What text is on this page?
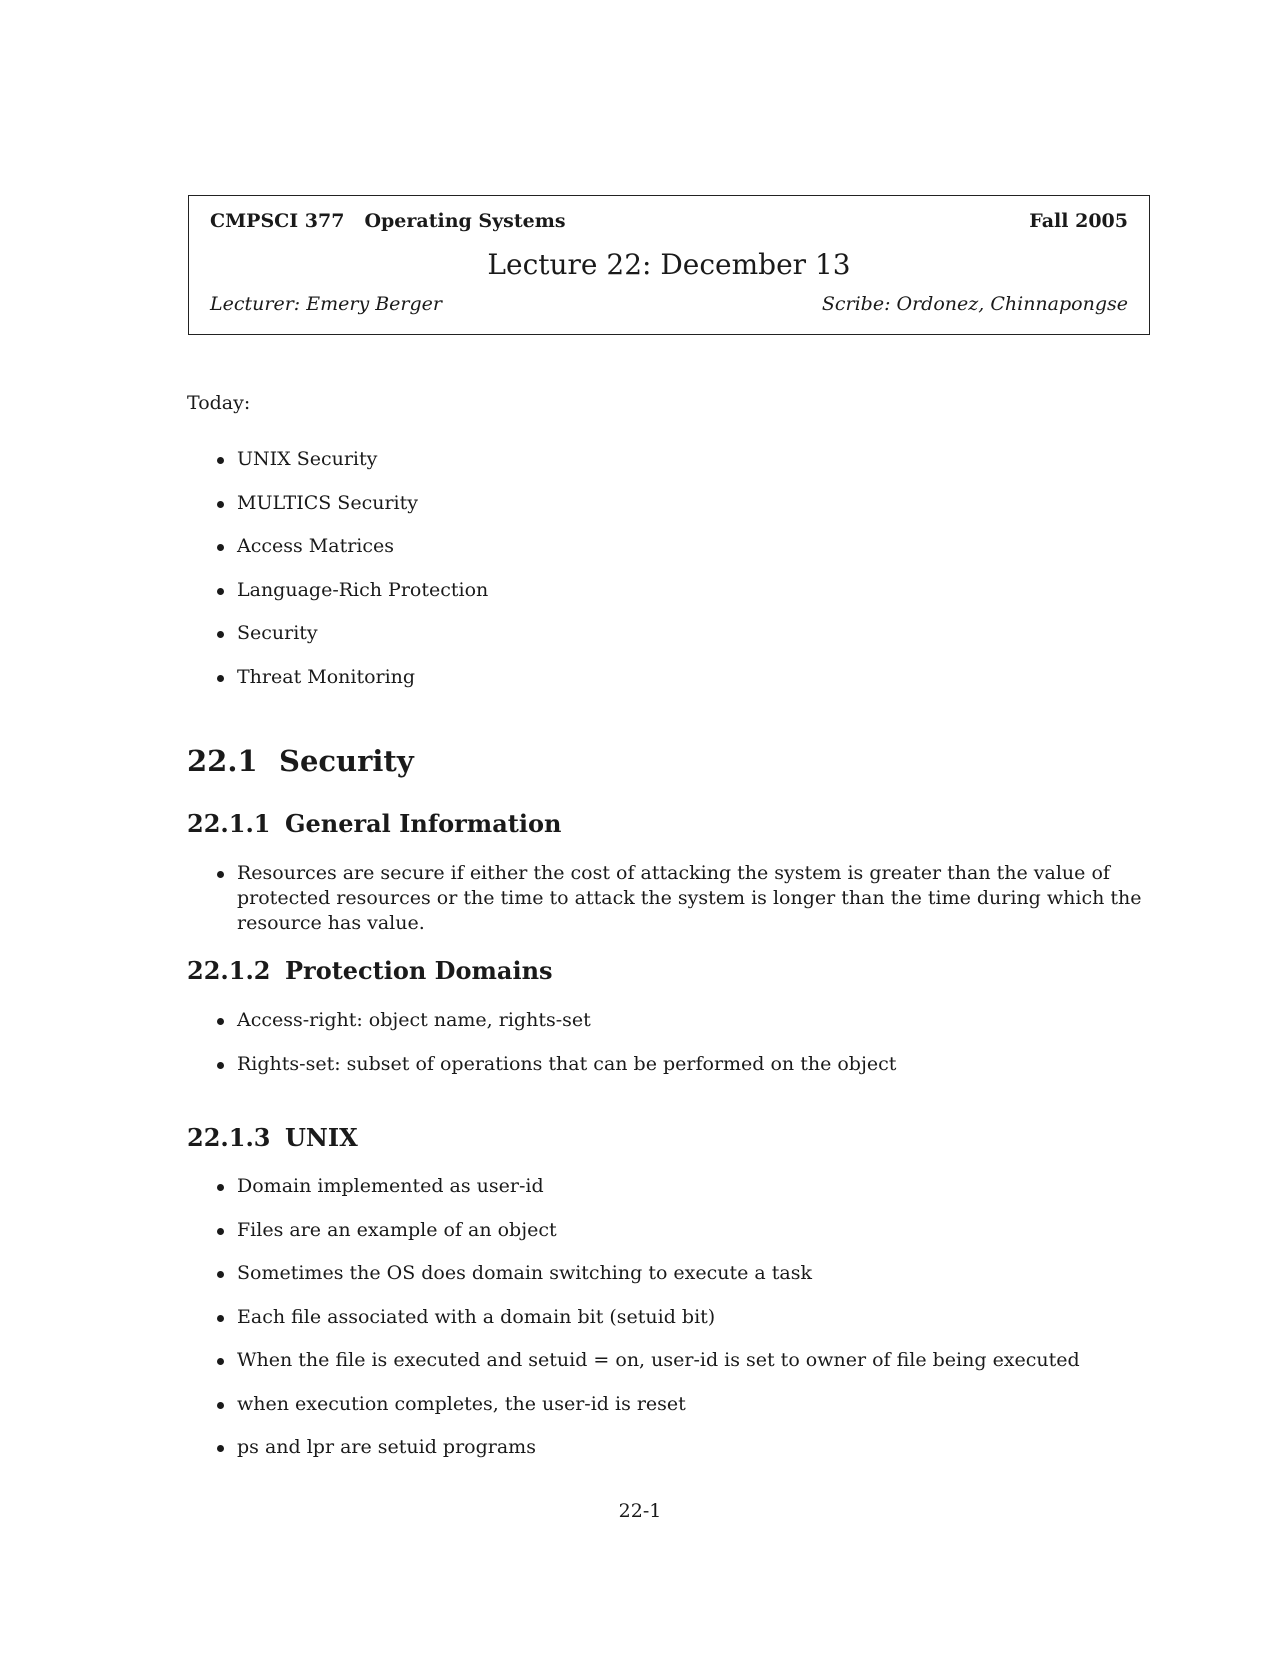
CMPSCI 377 Operating Systems	Fall 2005
Lecture 22: December 13
Lecturer: Emery Berger	Scribe: Ordonez, Chinnapongse
Today:
UNIX Security
MULTICS Security
Access Matrices
Language-Rich Protection
Security
Threat Monitoring
22.1 Security
22.1.1 General Information
Resources are secure if either the cost of attacking the system is greater than the value of protected resources or the time to attack the system is longer than the time during which the resource has value.
22.1.2 Protection Domains
Access-right: object name, rights-set
Rights-set: subset of operations that can be performed on the object
22.1.3 UNIX
Domain implemented as user-id
Files are an example of an object
Sometimes the OS does domain switching to execute a task
Each file associated with a domain bit (setuid bit)
When the file is executed and setuid = on, user-id is set to owner of file being executed
when execution completes, the user-id is reset
ps and lpr are setuid programs
22-1
